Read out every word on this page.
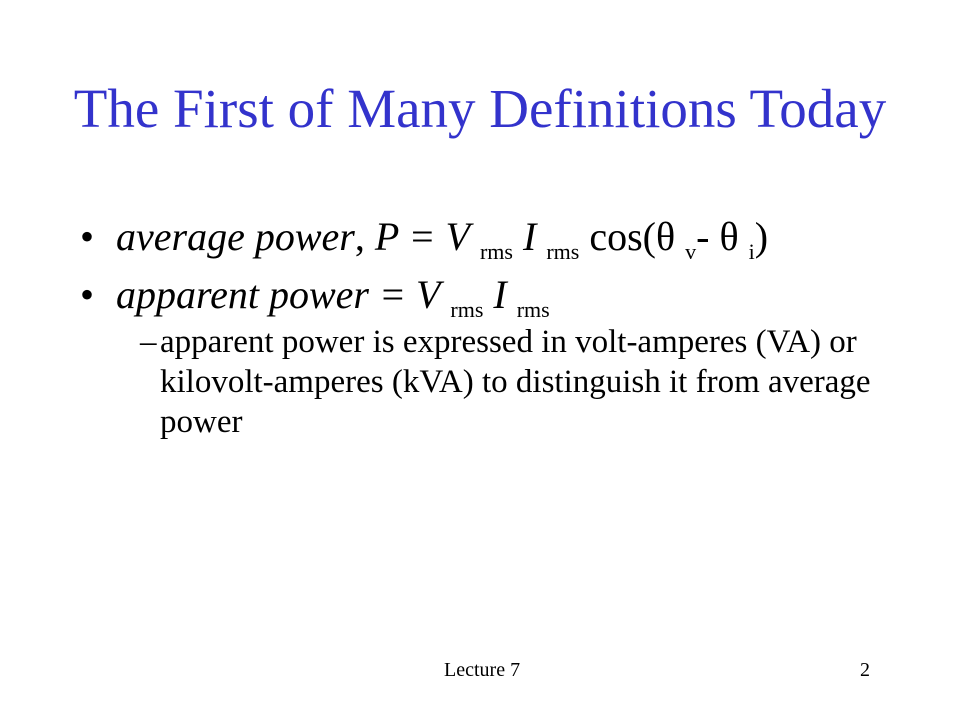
The First of Many Definitions Today
• average power, P = V $_{rms}$ I $_{rms}$ cos(θ $_v$- θ $_i$)
• apparent power = V $_{rms}$ I $_{rms}$
– apparent power is expressed in volt-amperes (VA) or kilovolt-amperes (kVA) to distinguish it from average power
Lecture 7	2
